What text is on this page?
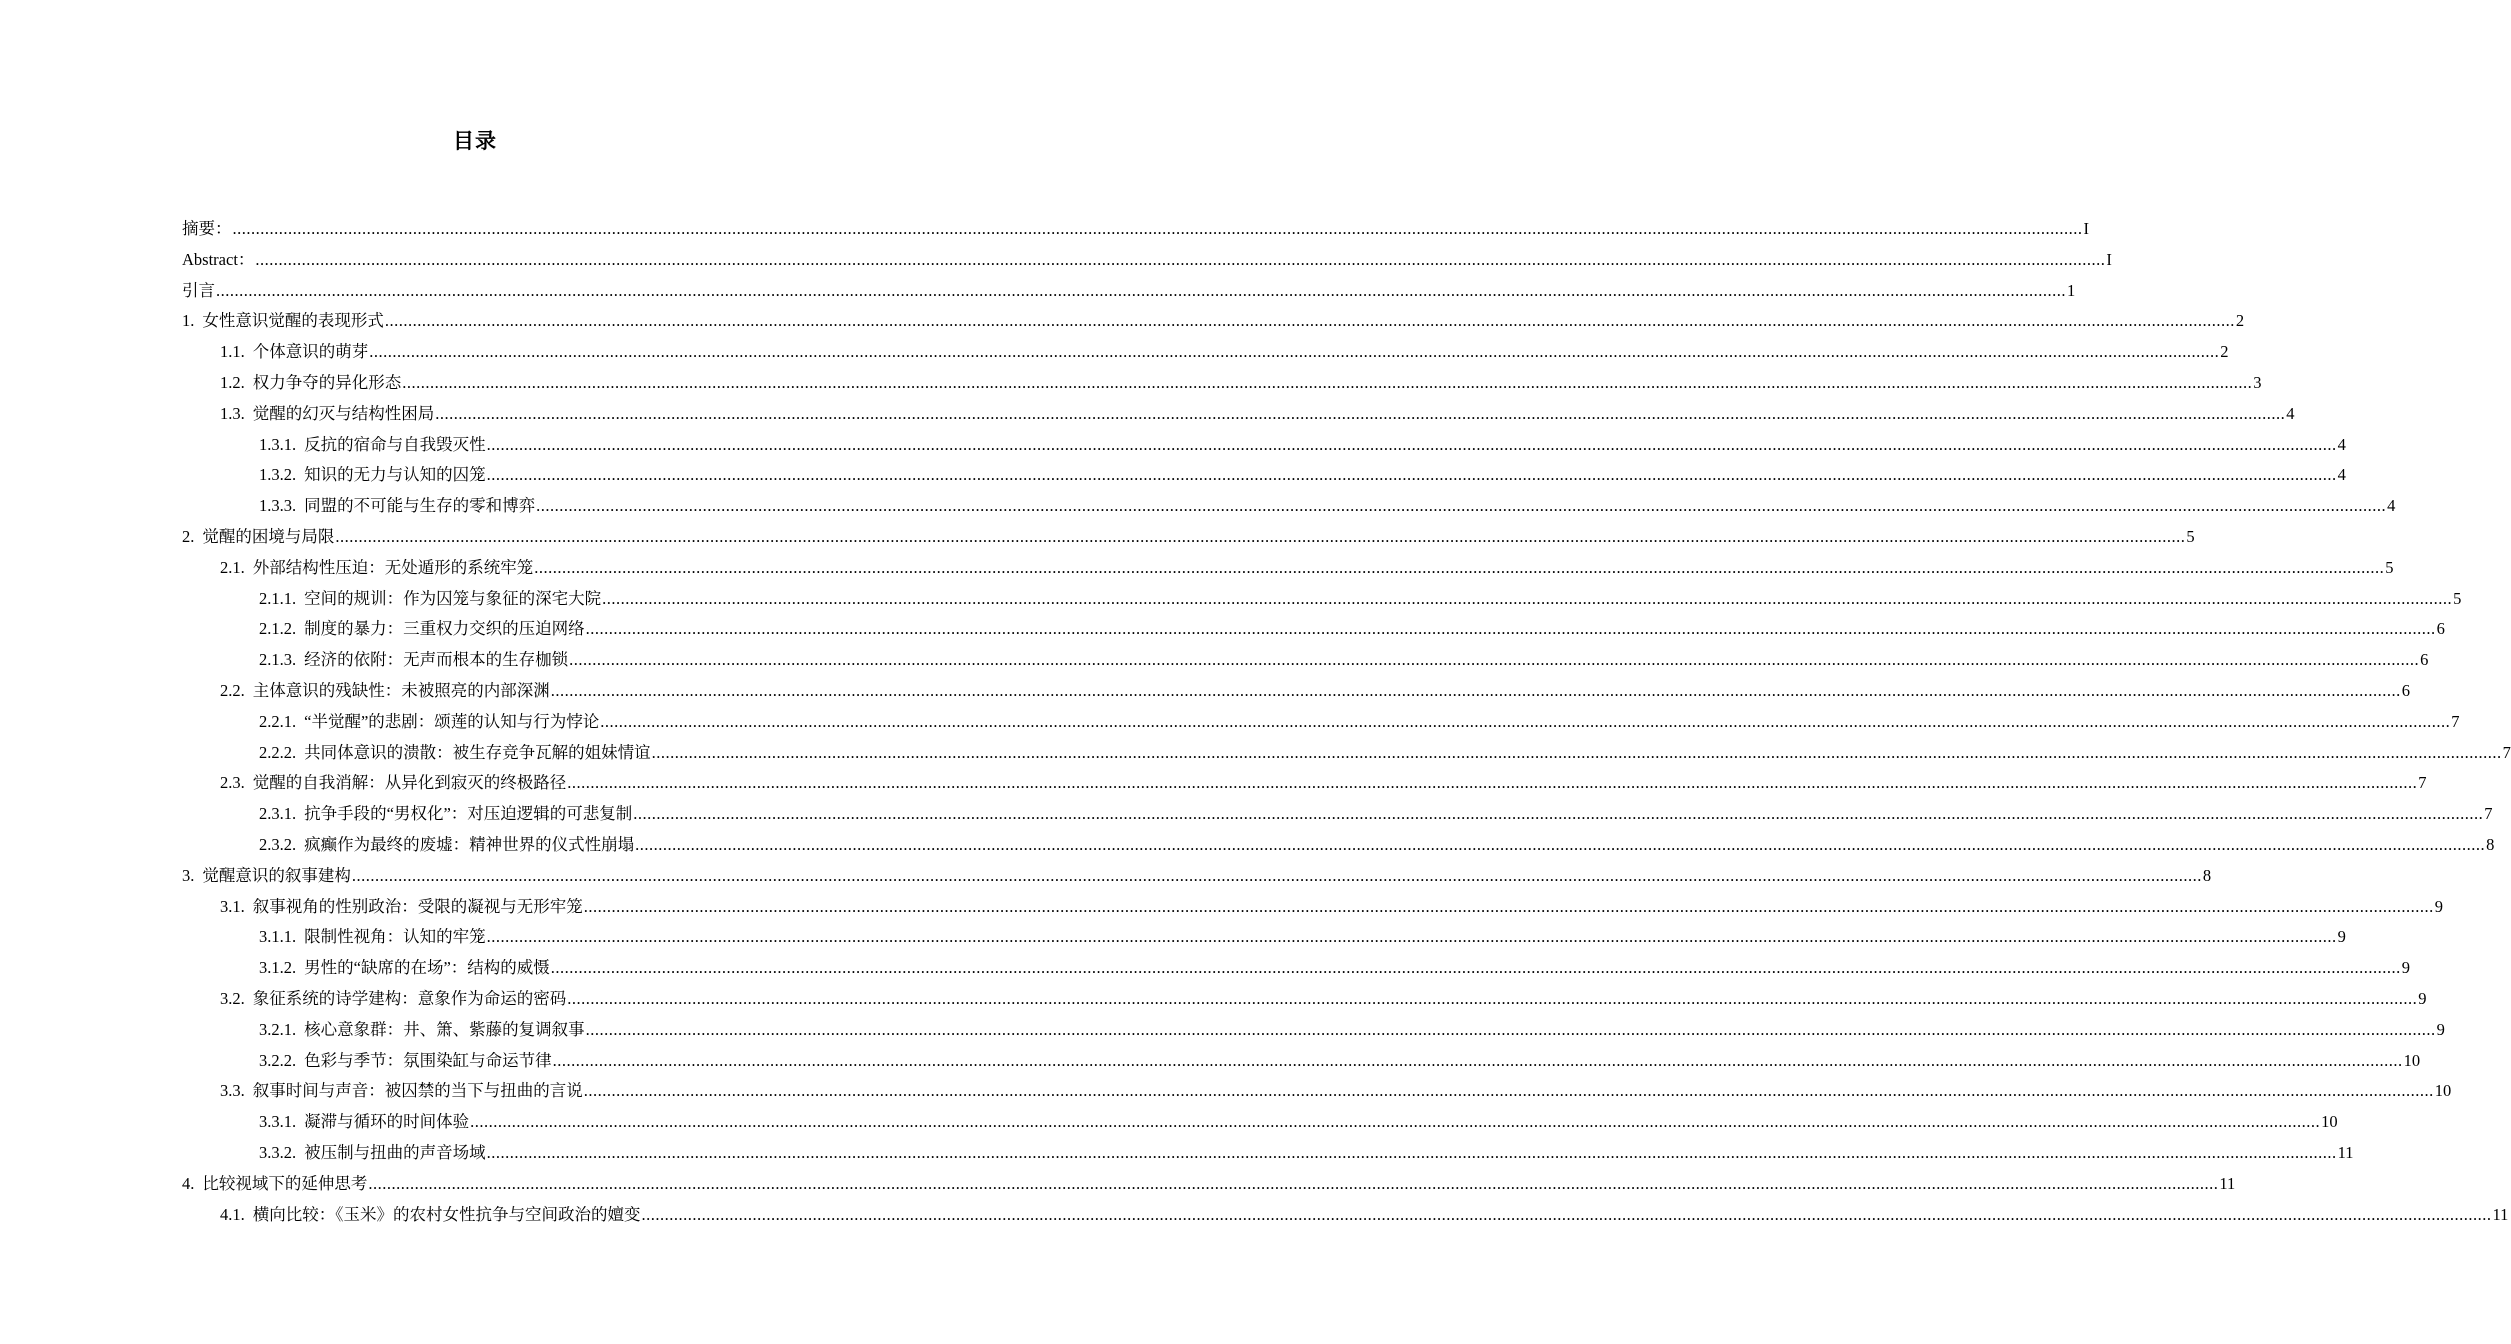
目录
摘要： ................................................................................................................................................................................................................................................................................................................................................................................................................ I
Abstract： ................................................................................................................................................................................................................................................................................................................................................................................................................ I
引言 ................................................................................................................................................................................................................................................................................................................................................................................................................ 1
1. 女性意识觉醒的表现形式 ................................................................................................................................................................................................................................................................................................................................................................................................................ 2
1.1. 个体意识的萌芽 ................................................................................................................................................................................................................................................................................................................................................................................................................ 2
1.2. 权力争夺的异化形态 ................................................................................................................................................................................................................................................................................................................................................................................................................ 3
1.3. 觉醒的幻灭与结构性困局 ................................................................................................................................................................................................................................................................................................................................................................................................................ 4
1.3.1. 反抗的宿命与自我毁灭性 ................................................................................................................................................................................................................................................................................................................................................................................................................ 4
1.3.2. 知识的无力与认知的囚笼 ................................................................................................................................................................................................................................................................................................................................................................................................................ 4
1.3.3. 同盟的不可能与生存的零和博弈 ................................................................................................................................................................................................................................................................................................................................................................................................................ 4
2. 觉醒的困境与局限 ................................................................................................................................................................................................................................................................................................................................................................................................................ 5
2.1. 外部结构性压迫：无处遁形的系统牢笼 ................................................................................................................................................................................................................................................................................................................................................................................................................ 5
2.1.1. 空间的规训：作为囚笼与象征的深宅大院 ................................................................................................................................................................................................................................................................................................................................................................................................................ 5
2.1.2. 制度的暴力：三重权力交织的压迫网络 ................................................................................................................................................................................................................................................................................................................................................................................................................ 6
2.1.3. 经济的依附：无声而根本的生存枷锁 ................................................................................................................................................................................................................................................................................................................................................................................................................ 6
2.2. 主体意识的残缺性：未被照亮的内部深渊 ................................................................................................................................................................................................................................................................................................................................................................................................................ 6
2.2.1. “半觉醒”的悲剧：颂莲的认知与行为悖论 ................................................................................................................................................................................................................................................................................................................................................................................................................ 7
2.2.2. 共同体意识的溃散：被生存竞争瓦解的姐妹情谊 ................................................................................................................................................................................................................................................................................................................................................................................................................ 7
2.3. 觉醒的自我消解：从异化到寂灭的终极路径 ................................................................................................................................................................................................................................................................................................................................................................................................................ 7
2.3.1. 抗争手段的“男权化”：对压迫逻辑的可悲复制 ................................................................................................................................................................................................................................................................................................................................................................................................................ 7
2.3.2. 疯癫作为最终的废墟：精神世界的仪式性崩塌 ................................................................................................................................................................................................................................................................................................................................................................................................................ 8
3. 觉醒意识的叙事建构 ................................................................................................................................................................................................................................................................................................................................................................................................................ 8
3.1. 叙事视角的性别政治：受限的凝视与无形牢笼 ................................................................................................................................................................................................................................................................................................................................................................................................................ 9
3.1.1. 限制性视角：认知的牢笼 ................................................................................................................................................................................................................................................................................................................................................................................................................ 9
3.1.2. 男性的“缺席的在场”：结构的威慑 ................................................................................................................................................................................................................................................................................................................................................................................................................ 9
3.2. 象征系统的诗学建构：意象作为命运的密码 ................................................................................................................................................................................................................................................................................................................................................................................................................ 9
3.2.1. 核心意象群：井、箫、紫藤的复调叙事 ................................................................................................................................................................................................................................................................................................................................................................................................................ 9
3.2.2. 色彩与季节：氛围染缸与命运节律 ................................................................................................................................................................................................................................................................................................................................................................................................................ 10
3.3. 叙事时间与声音：被囚禁的当下与扭曲的言说 ................................................................................................................................................................................................................................................................................................................................................................................................................ 10
3.3.1. 凝滞与循环的时间体验 ................................................................................................................................................................................................................................................................................................................................................................................................................ 10
3.3.2. 被压制与扭曲的声音场域 ................................................................................................................................................................................................................................................................................................................................................................................................................ 11
4. 比较视域下的延伸思考 ................................................................................................................................................................................................................................................................................................................................................................................................................ 11
4.1. 横向比较：《玉米》的农村女性抗争与空间政治的嬗变 ................................................................................................................................................................................................................................................................................................................................................................................................................ 11
